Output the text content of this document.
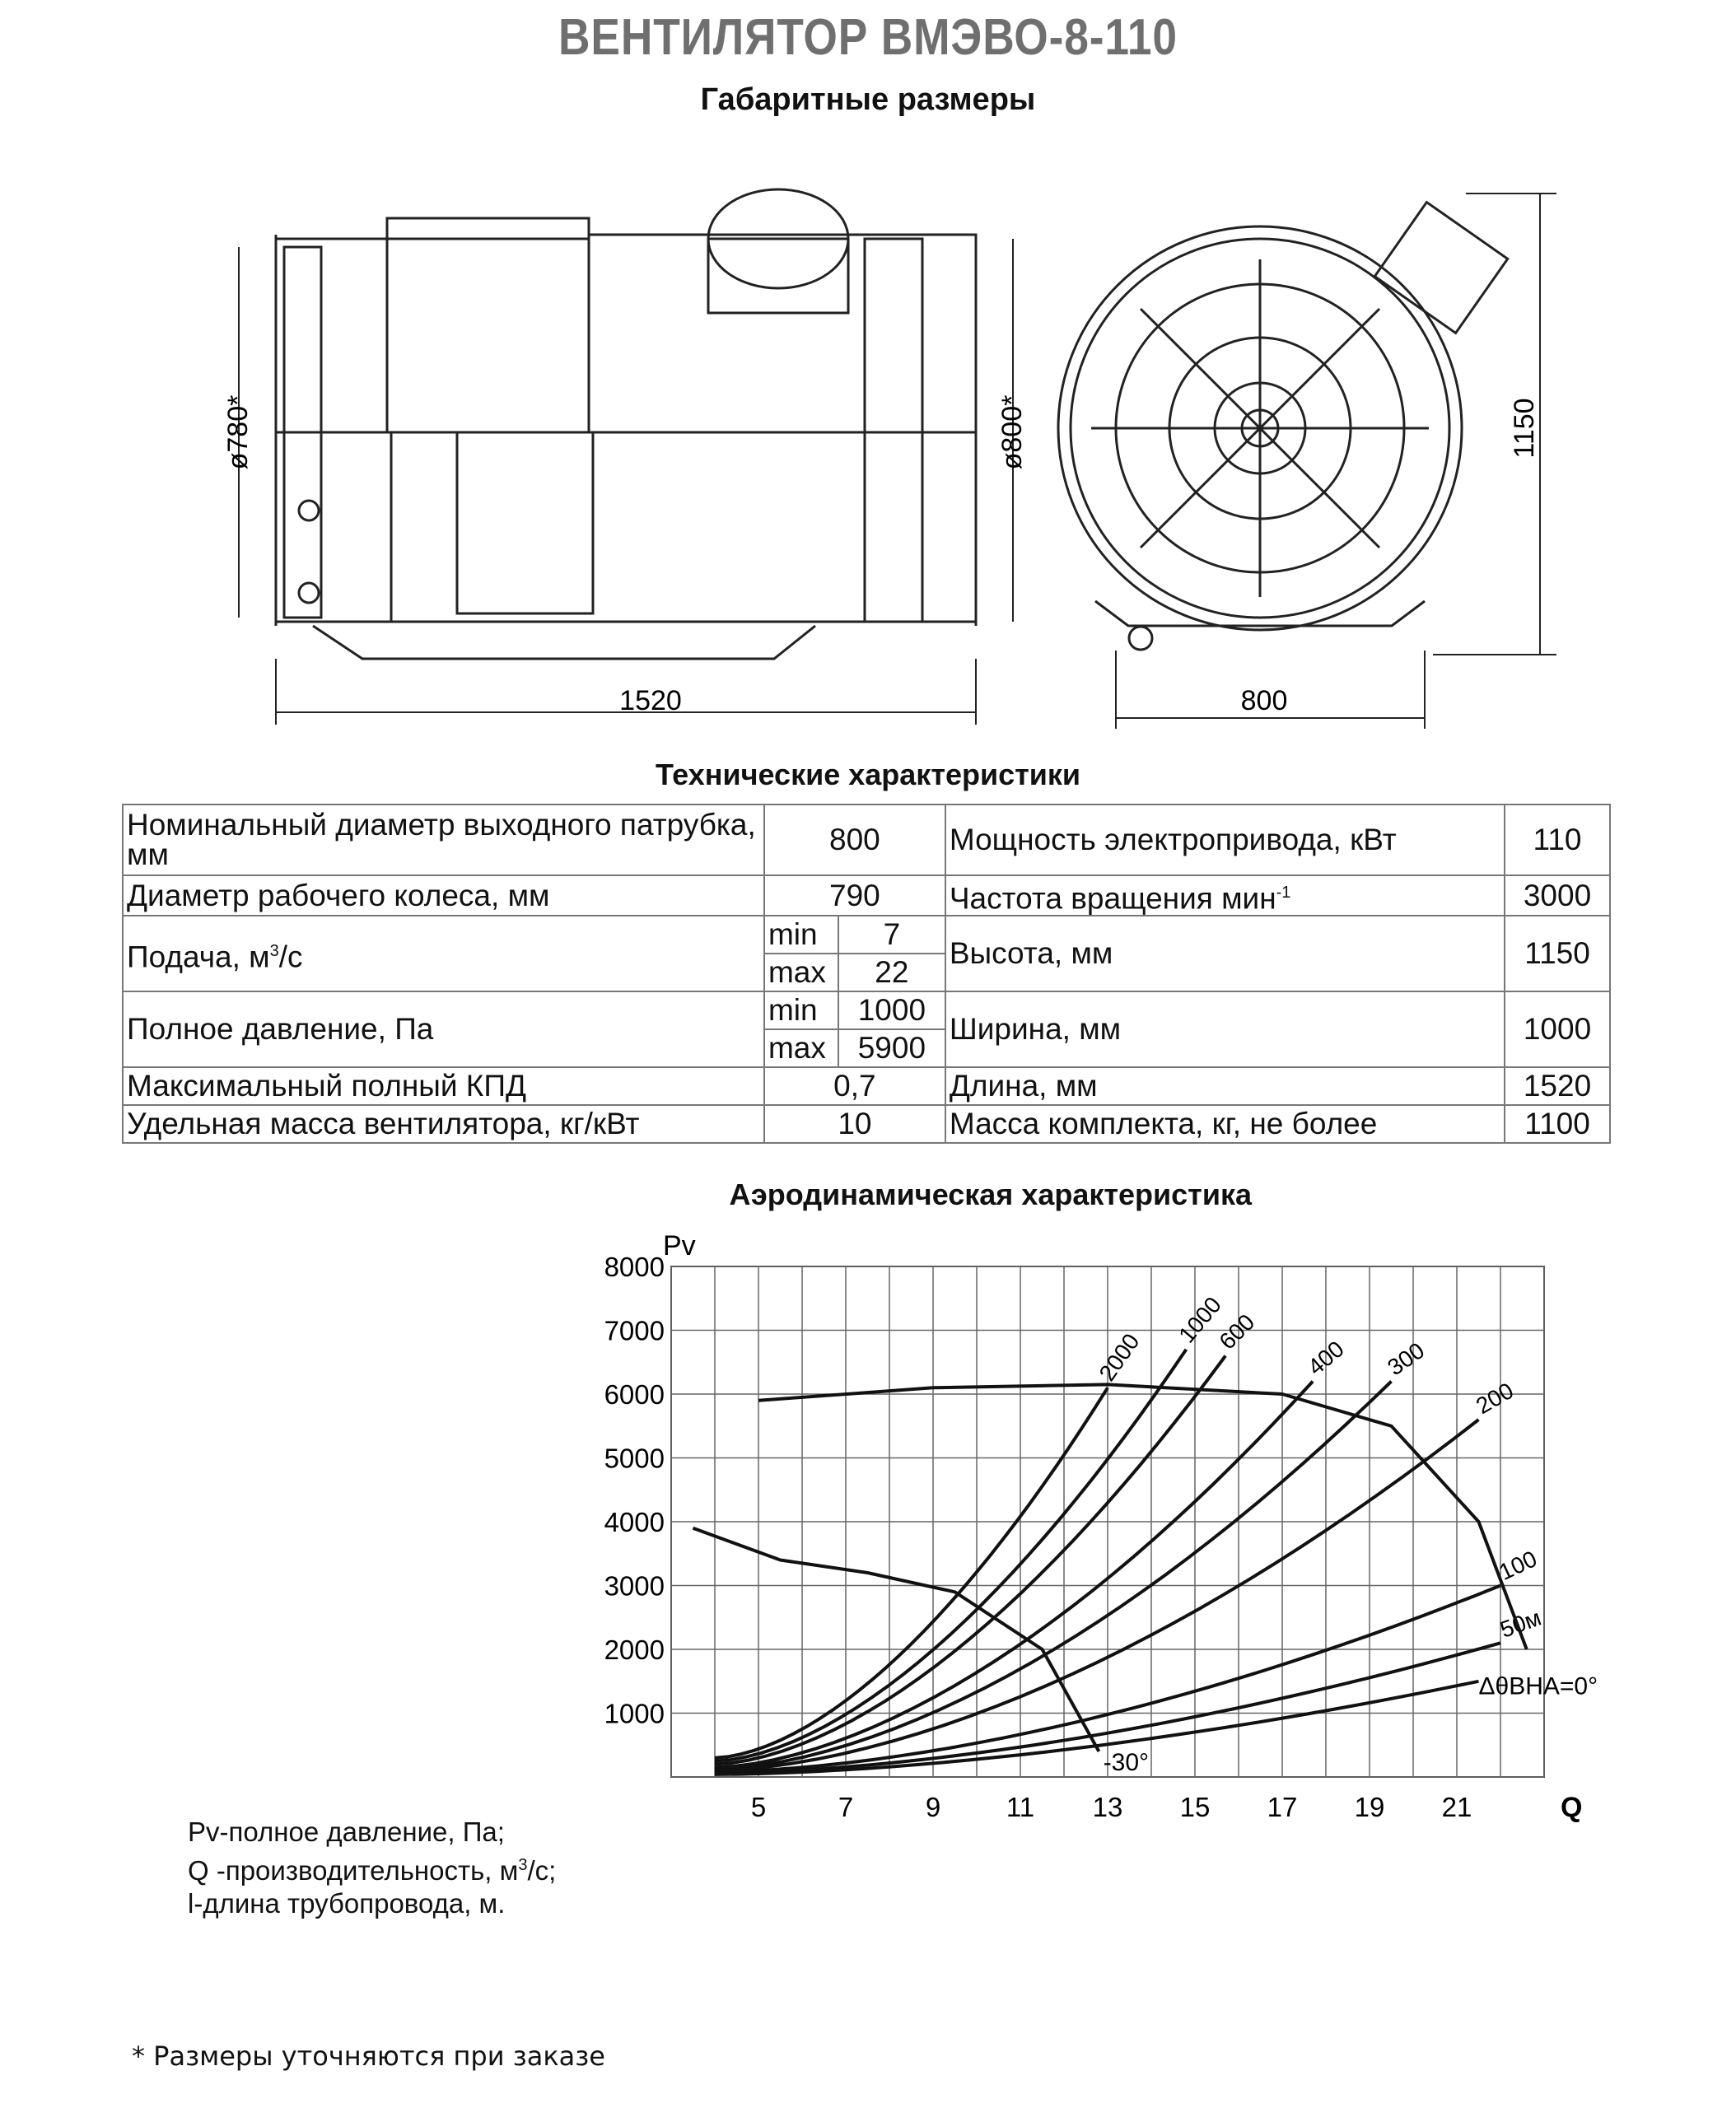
ВЕНТИЛЯТОР ВМЭВО-8-110
Габаритные размеры
ø780*	ø800*
1520	800
1150
Технические характеристики
Номинальный диаметр выходного патрубка, мм	800		Мощность электропривода, кВт	110
Диаметр рабочего колеса, мм	790		Частота вращения мин$^{-1}$	3000
Подача, $м^3/с$	min	7	Высота, мм	1150
	max	22		
Полное давление, Па	min	1000	Ширина, мм	1000
	max	5900		
Максимальный полный КПД	0,7		Длина, мм	1520
Удельная масса вентилятора, кг/кВт	10		Масса комплекта, кг, не более	1100
Аэродинамическая характеристика
1000
2000
3000
4000
5000
6000
7000
8000
5	7	9 11 13 15 17 19 21
Pv
Q
2000
1000
600
400 300
200
100
50м
ΔθВНА=0°
-30°
Pv-полное давление, Па;
Q -производительность, $м^3/с$;
l-длина трубопровода, м.
* Размеры уточняются при заказе
